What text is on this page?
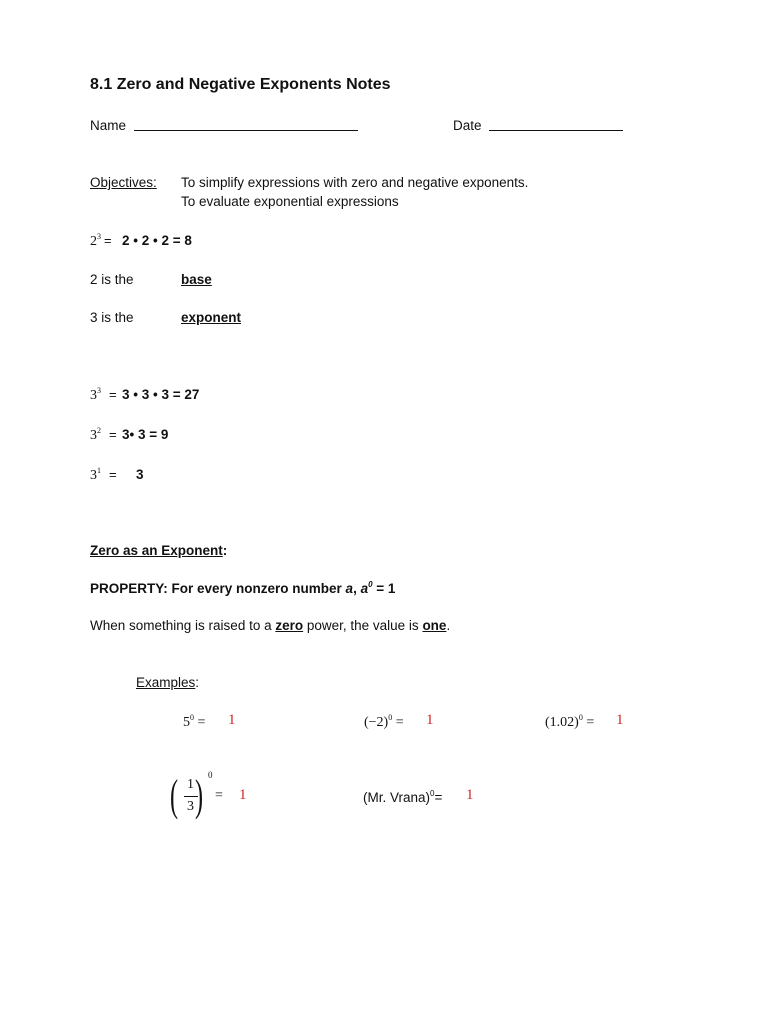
8.1 Zero and Negative Exponents Notes
Name	Date
Objectives: To simplify expressions with zero and negative exponents.
To evaluate exponential expressions
$2^3 = 2$ • 2 • 2 = 8
2 is the	base
3 is the	exponent
$3^3 = 3$ • 3 • 3 = 27
$3^2$ = 3• 3 = 9
$3^1 = 3$
Zero as an Exponent:
PROPERTY: For every nonzero number a, $a^0 = 1$
When something is raised to a zero power, the value is one.
Examples:
$5^0 = 1$	$(-2)^0 = 1$	$(1.02)^0 = 1$
( 1
3 ) 0
= 1	(Mr. Vrana)$^0$= 1
